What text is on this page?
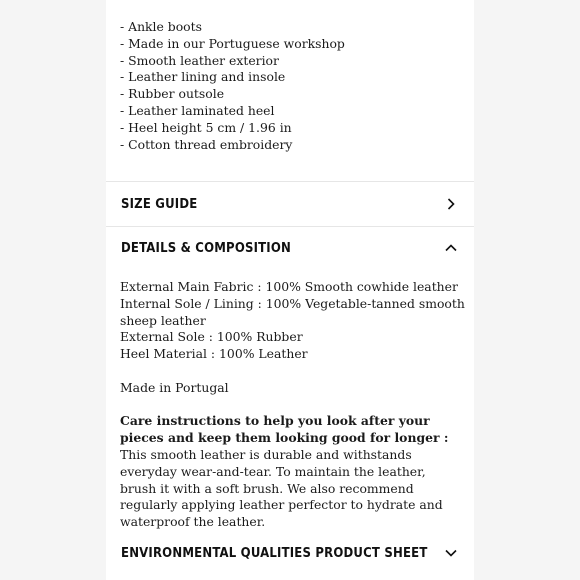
- Ankle boots
- Made in our Portuguese workshop
- Smooth leather exterior
- Leather lining and insole
- Rubber outsole
- Leather laminated heel
- Heel height 5 cm / 1.96 in
- Cotton thread embroidery
SIZE GUIDE
DETAILS & COMPOSITION

External Main Fabric : 100% Smooth cowhide leather

Internal Sole / Lining : 100% Vegetable-tanned smooth sheep leather

External Sole : 100% Rubber

Heel Material : 100% Leather

Made in Portugal

Care instructions to help you look after your pieces and keep them looking good for longer :

This smooth leather is durable and withstands everyday wear-and-tear. To maintain the leather, brush it with a soft brush. We also recommend regularly applying leather perfector to hydrate and waterproof the leather.

ENVIRONMENTAL QUALITIES PRODUCT SHEET
